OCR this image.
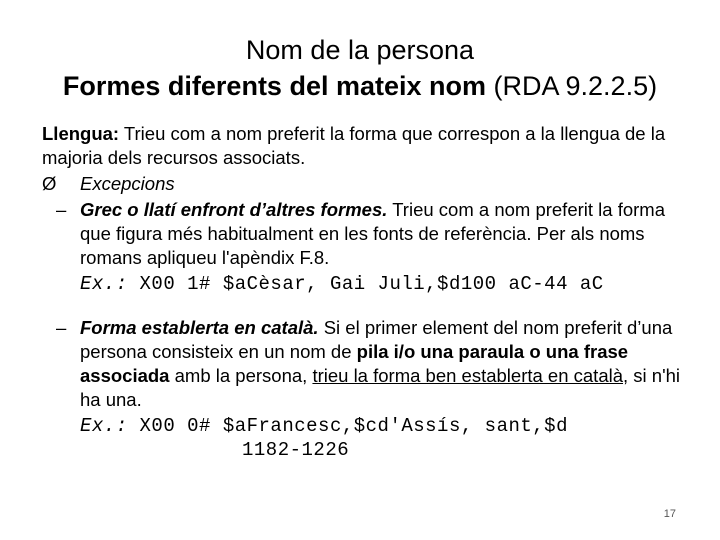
Nom de la persona
Formes diferents del mateix nom (RDA 9.2.2.5)

Llengua: Trieu com a nom preferit la forma que correspon a la llengua de la majoria dels recursos associats.

Ø Excepcions
– Grec o llatí enfront d’altres formes. Trieu com a nom preferit la forma que figura més habitualment en les fonts de referència. Per als noms romans apliqueu l'apèndix F.8.
Ex.: X00 1# $aCèsar, Gai Juli,$d100 aC-44 aC
– Forma establerta en català. Si el primer element del nom preferit d’una persona consisteix en un nom de pila i/o una paraula o una frase associada amb la persona, trieu la forma ben establerta en català, si n'hi ha una.
Ex.: X00 0# $aFrancesc,$cd'Assís, sant,$d
1182-1226
17
